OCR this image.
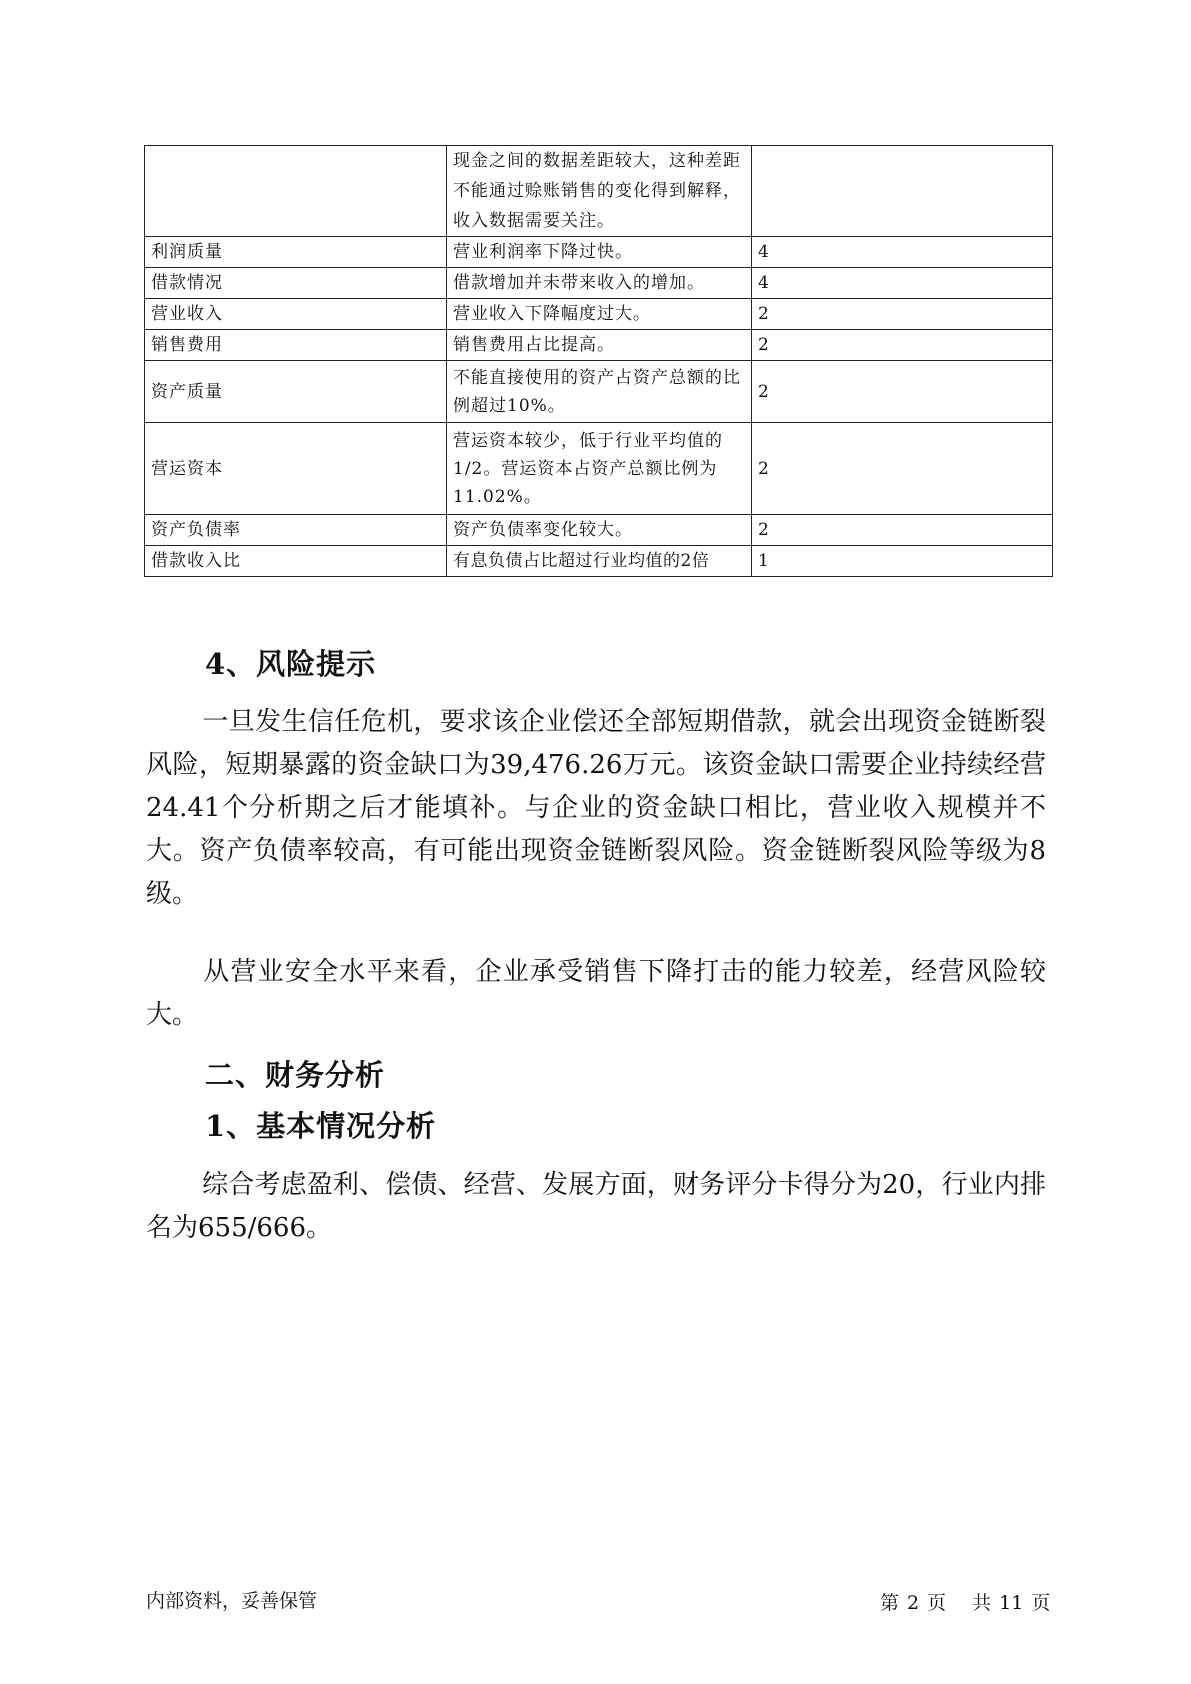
	现金之间的数据差距较大，这种差距不能通过赊账销售的变化得到解释，收入数据需要关注。	

利润质量	营业利润率下降过快。	4
借款情况	借款增加并未带来收入的增加。	4
营业收入	营业收入下降幅度过大。	2
销售费用	销售费用占比提高。	2
资产质量	不能直接使用的资产占资产总额的比例超过10%。	2
营运资本	营运资本较少，低于行业平均值的1/2。营运资本占资产总额比例为11.02%。	2
资产负债率	资产负债率变化较大。	2
借款收入比	有息负债占比超过行业均值的2倍	1
4、风险提示

一旦发生信任危机，要求该企业偿还全部短期借款，就会出现资金链断裂风险，短期暴露的资金缺口为39,476.26万元。该资金缺口需要企业持续经营 24.41个分析期之后才能填补。与企业的资金缺口相比，营业收入规模并不大。资产负债率较高，有可能出现资金链断裂风险。资金链断裂风险等级为8级。

从营业安全水平来看，企业承受销售下降打击的能力较差，经营风险较大。

二、财务分析
1、基本情况分析

综合考虑盈利、偿债、经营、发展方面，财务评分卡得分为20，行业内排名为655/666。

内部资料，妥善保管	第 2 页 共 11 页
